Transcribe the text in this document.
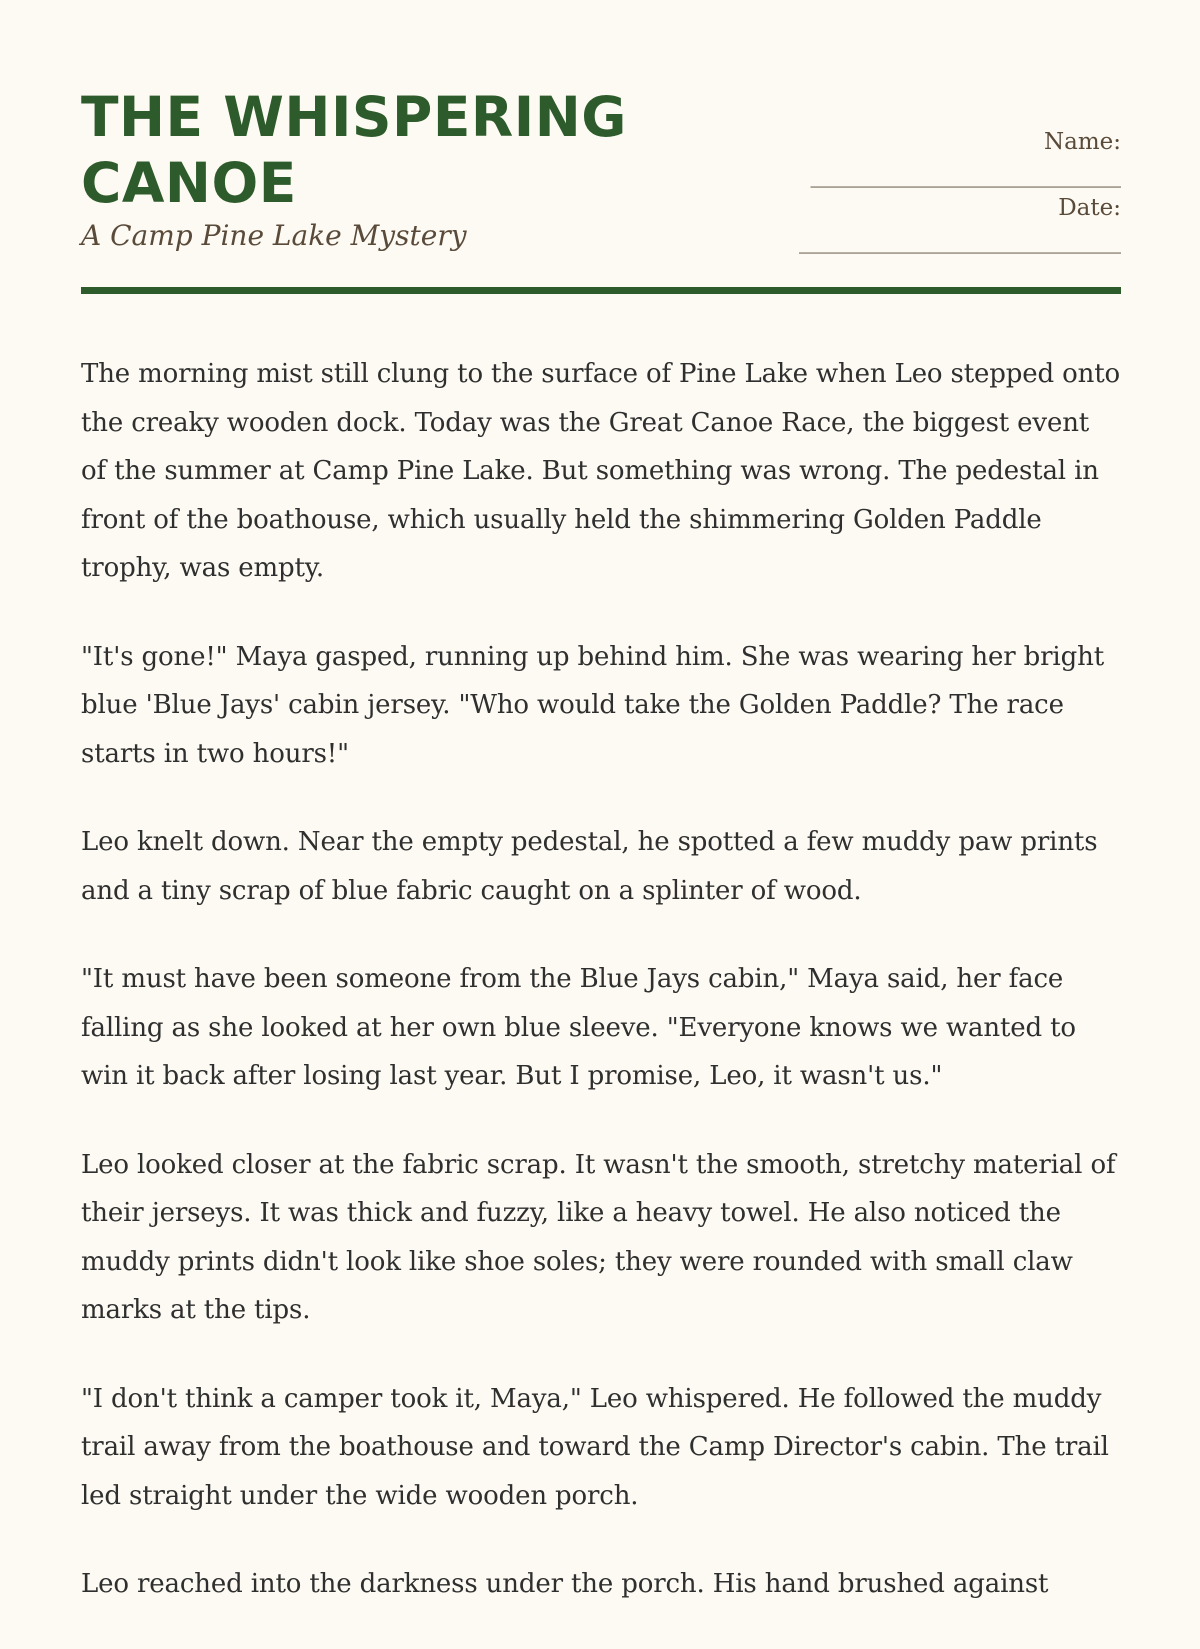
THE WHISPERING CANOE
A Camp Pine Lake Mystery
Name:
___________________________
Date:
____________________________

The morning mist still clung to the surface of Pine Lake when Leo stepped onto the creaky wooden dock. Today was the Great Canoe Race, the biggest event of the summer at Camp Pine Lake. But something was wrong. The pedestal in front of the boathouse, which usually held the shimmering Golden Paddle trophy, was empty.

"It's gone!" Maya gasped, running up behind him. She was wearing her bright blue 'Blue Jays' cabin jersey. "Who would take the Golden Paddle? The race starts in two hours!"

Leo knelt down. Near the empty pedestal, he spotted a few muddy paw prints and a tiny scrap of blue fabric caught on a splinter of wood.

"It must have been someone from the Blue Jays cabin," Maya said, her face falling as she looked at her own blue sleeve. "Everyone knows we wanted to win it back after losing last year. But I promise, Leo, it wasn't us."

Leo looked closer at the fabric scrap. It wasn't the smooth, stretchy material of their jerseys. It was thick and fuzzy, like a heavy towel. He also noticed the muddy prints didn't look like shoe soles; they were rounded with small claw marks at the tips.

"I don't think a camper took it, Maya," Leo whispered. He followed the muddy trail away from the boathouse and toward the Camp Director's cabin. The trail led straight under the wide wooden porch.

Leo reached into the darkness under the porch. His hand brushed against
